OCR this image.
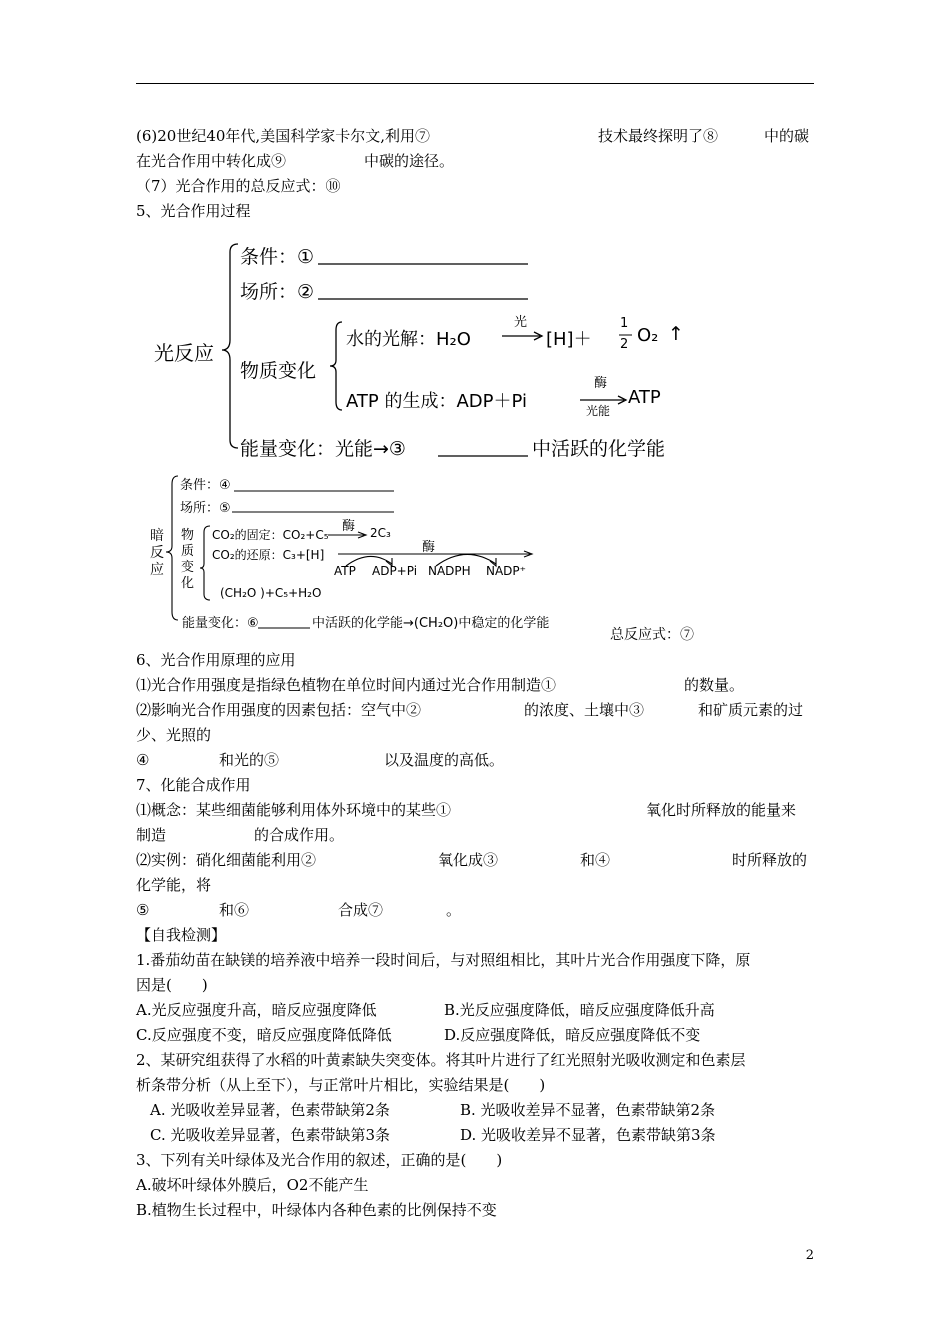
(6)20世纪40年代,美国科学家卡尔文,利用⑦	技术最终探明了⑧	中的碳
在光合作用中转化成⑨	中碳的途径。
（7）光合作用的总反应式：⑩
5、光合作用过程
光反应
条件：①
场所：②
物质变化
水的光解：H₂O
光
[H]＋
1
2 O₂ ↑
ATP 的生成：ADP＋Pi
酶
光能
ATP
能量变化：光能→③	中活跃的化学能
暗反应
条件：④
场所：⑤
物质变化
CO₂的固定：CO₂+C₅
酶 2C₃
CO₂的还原：C₃+[H]	酶
ATP ADP+Pi NADPH NADP⁺
(CH₂O )+C₅+H₂O
能量变化：⑥	中活跃的化学能→(CH₂O)中稳定的化学能
总反应式：⑦
6、光合作用原理的应用
⑴光合作用强度是指绿色植物在单位时间内通过光合作用制造①	的数量。
⑵影响光合作用强度的因素包括：空气中②	的浓度、土壤中③	和矿质元素的过
少、光照的
④	和光的⑤	以及温度的高低。
7、化能合成作用
⑴概念：某些细菌能够利用体外环境中的某些①	氧化时所释放的能量来
制造	的合成作用。
⑵实例：硝化细菌能利用②	氧化成③	和④	时所释放的
化学能，将
⑤	和⑥	合成⑦	。
【自我检测】
1.番茄幼苗在缺镁的培养液中培养一段时间后，与对照组相比，其叶片光合作用强度下降，原
因是(　　)
A.光反应强度升高，暗反应强度降低	B.光反应强度降低，暗反应强度降低升高
C.反应强度不变，暗反应强度降低降低	D.反应强度降低，暗反应强度降低不变
2、某研究组获得了水稻的叶黄素缺失突变体。将其叶片进行了红光照射光吸收测定和色素层
析条带分析（从上至下），与正常叶片相比，实验结果是(　　)
A. 光吸收差异显著，色素带缺第2条	B. 光吸收差异不显著，色素带缺第2条
C. 光吸收差异显著，色素带缺第3条	D. 光吸收差异不显著，色素带缺第3条
3、下列有关叶绿体及光合作用的叙述，正确的是(　　)
A.破坏叶绿体外膜后，O2不能产生
B.植物生长过程中，叶绿体内各种色素的比例保持不变
2
